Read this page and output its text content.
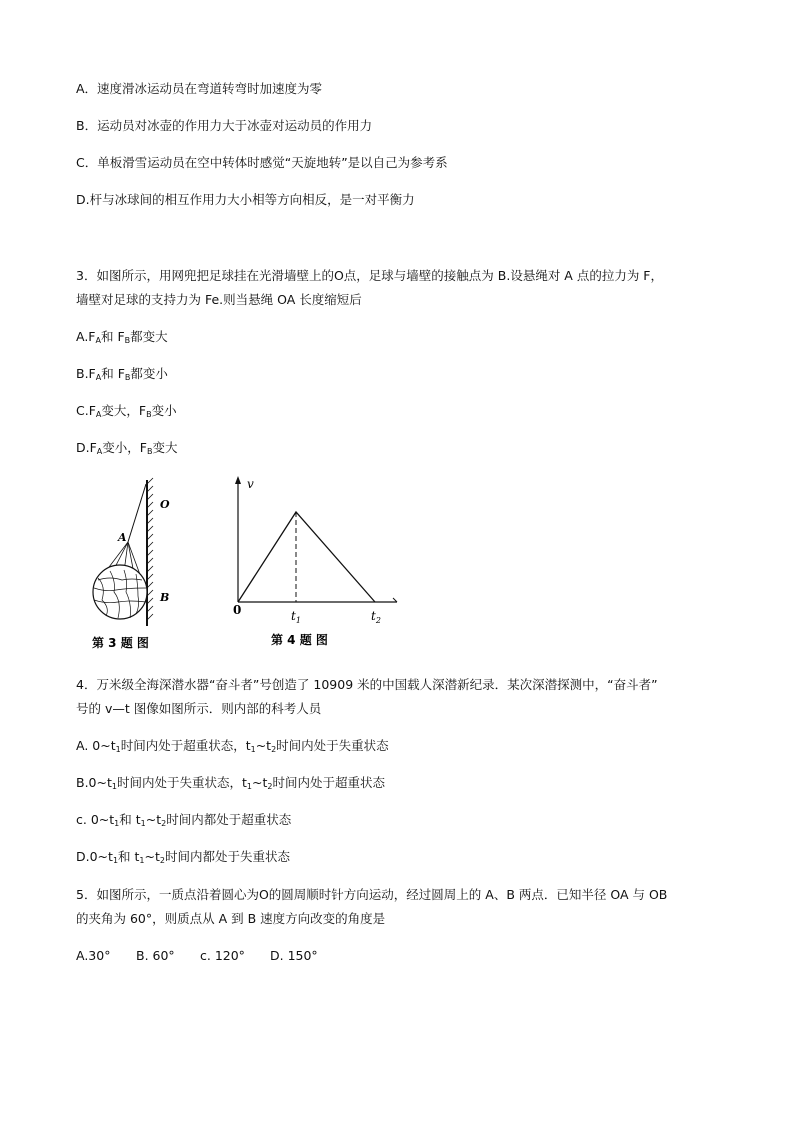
A．速度滑冰运动员在弯道转弯时加速度为零
B．运动员对冰壶的作用力大于冰壶对运动员的作用力
C．单板滑雪运动员在空中转体时感觉“天旋地转”是以自己为参考系
D.杆与冰球间的相互作用力大小相等方向相反，是一对平衡力
3．如图所示，用网兜把足球挂在光滑墙壁上的O点，足球与墙壁的接触点为 B.设悬绳对 A 点的拉力为 F，
墙壁对足球的支持力为 Fe.则当悬绳 OA 长度缩短后
$A.F_A$和 $F_B$都变大
$B.F_A$和 $F_B$都变小
$C.F_A$变大，$F_B$变小
$D.F_A$变小，$F_B$变大
O
A
B
第 3 题 图
v
0	$t_1$	$t_2$
第 4 题 图
4．万米级全海深潜水器“奋斗者”号创造了 10909 米的中国载人深潜新纪录．某次深潜探测中，“奋斗者”
号的 v—t 图像如图所示．则内部的科考人员
A. $0\sim t_1$时间内处于超重状态，$t_1\sim t_2$时间内处于失重状态
$B.0\sim t_1$时间内处于失重状态，$t_1\sim t_2$时间内处于超重状态
c. $0\sim t_1$和 $t_1\sim t_2$时间内都处于超重状态
$D.0\sim t_1$和 $t_1\sim t_2$时间内都处于失重状态
5．如图所示，一质点沿着圆心为O的圆周顺时针方向运动，经过圆周上的 A、B 两点．已知半径 OA 与 OB
的夹角为 60°，则质点从 A 到 B 速度方向改变的角度是
A.30° B. 60° c. 120° D. 150°
